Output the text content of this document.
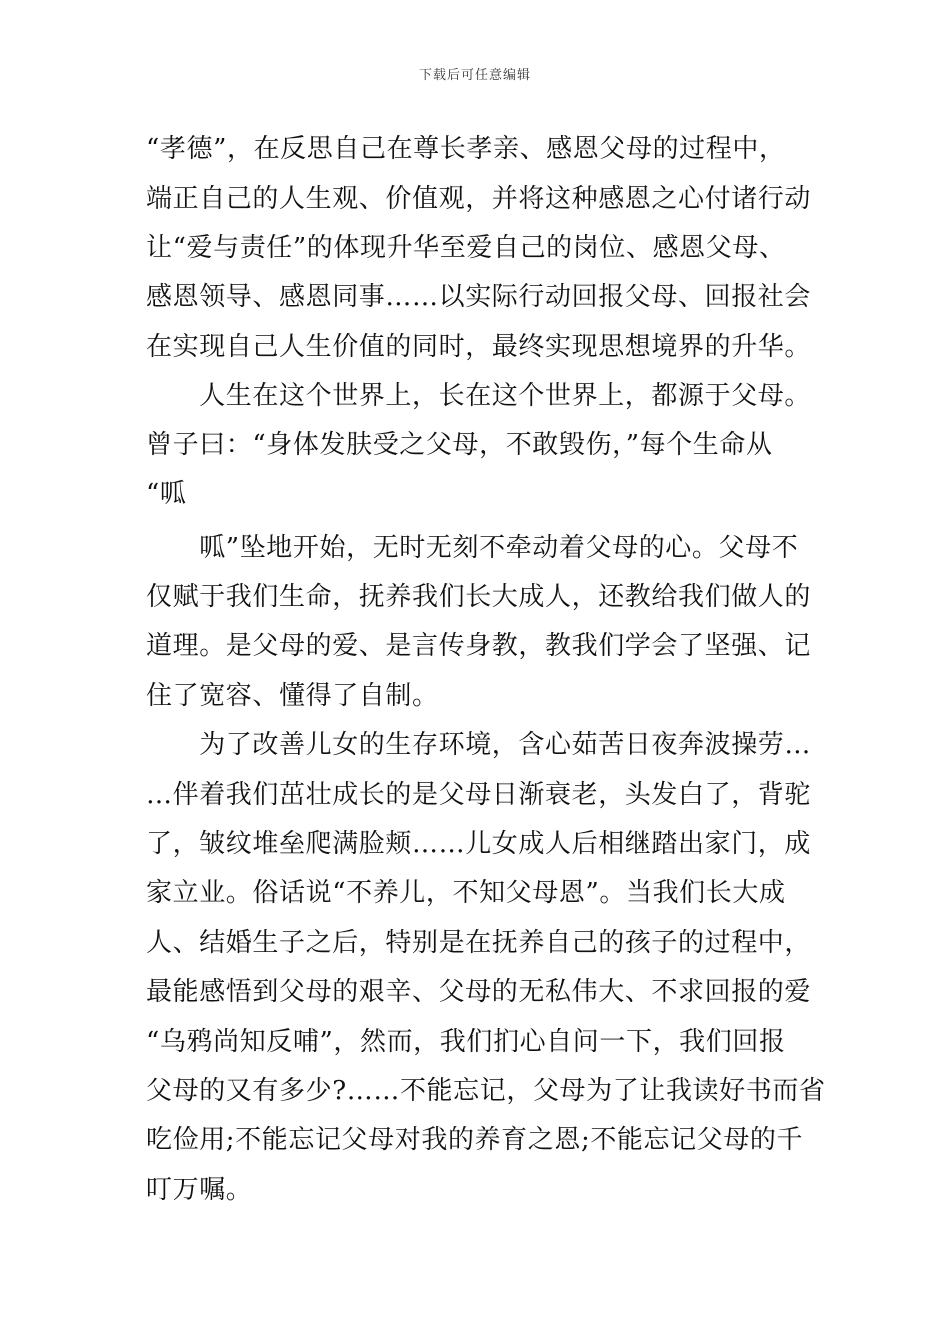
下载后可任意编辑
“孝德”，在反思自己在尊长孝亲、感恩父母的过程中，
端正自己的人生观、价值观，并将这种感恩之心付诸行动
让“爱与责任”的体现升华至爱自己的岗位、感恩父母、
感恩领导、感恩同事……以实际行动回报父母、回报社会
在实现自己人生价值的同时，最终实现思想境界的升华。
　　人生在这个世界上，长在这个世界上，都源于父母。
曾子曰：“身体发肤受之父母，不敢毁伤，”每个生命从
“呱
　　呱”坠地开始，无时无刻不牵动着父母的心。父母不
仅赋于我们生命，抚养我们长大成人，还教给我们做人的
道理。是父母的爱、是言传身教，教我们学会了坚强、记
住了宽容、懂得了自制。
　　为了改善儿女的生存环境，含心茹苦日夜奔波操劳…
…伴着我们茁壮成长的是父母日渐衰老，头发白了，背驼
了，皱纹堆垒爬满脸颊……儿女成人后相继踏出家门，成
家立业。俗话说“不养儿，不知父母恩”。当我们长大成
人、结婚生子之后，特别是在抚养自己的孩子的过程中，
最能感悟到父母的艰辛、父母的无私伟大、不求回报的爱
“乌鸦尚知反哺”，然而，我们扪心自问一下，我们回报
父母的又有多少?……不能忘记，父母为了让我读好书而省
吃俭用;不能忘记父母对我的养育之恩;不能忘记父母的千
叮万嘱。
